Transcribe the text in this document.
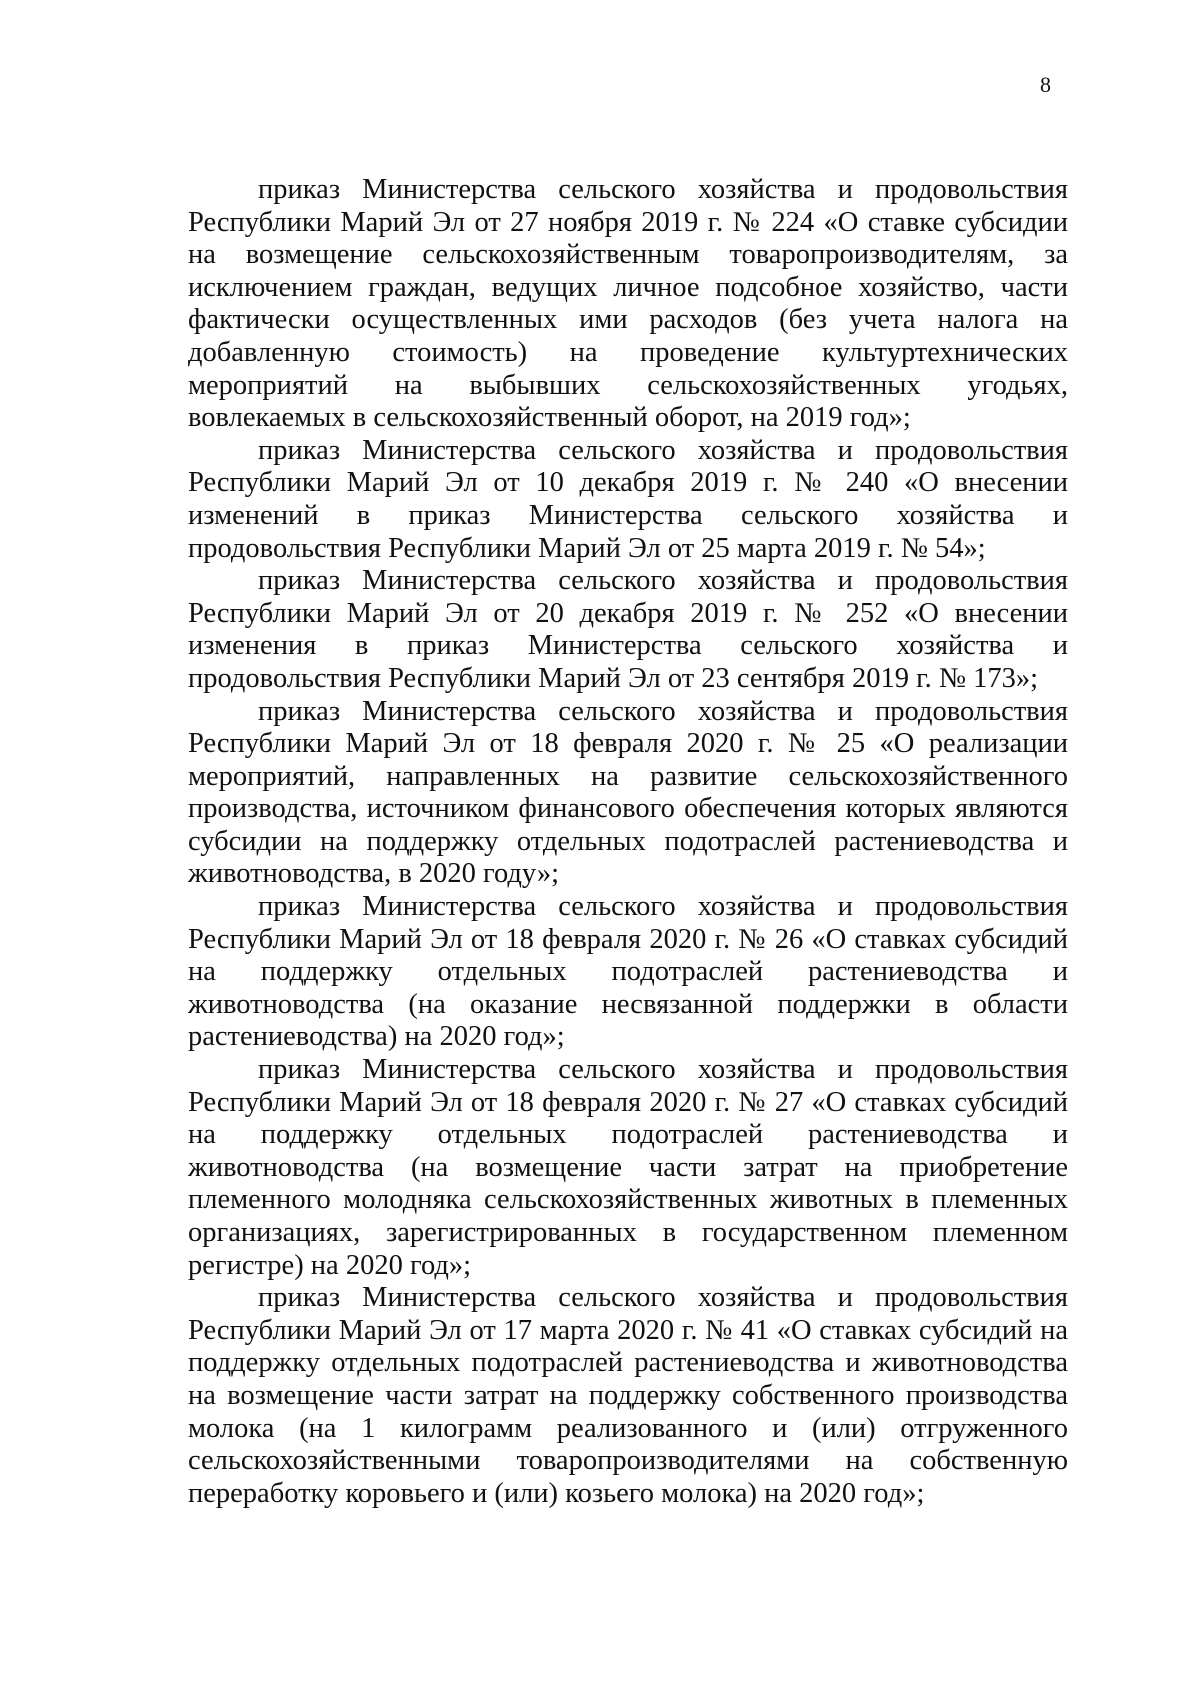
8

приказ Министерства сельского хозяйства и продовольствия Республики Марий Эл от 27 ноября 2019 г. № 224 «О ставке субсидии на возмещение сельскохозяйственным товаропроизводителям, за исключением граждан, ведущих личное подсобное хозяйство, части фактически осуществленных ими расходов (без учета налога на добавленную стоимость) на проведение культуртехнических мероприятий на выбывших сельскохозяйственных угодьях, вовлекаемых в сельскохозяйственный оборот, на 2019 год»;

приказ Министерства сельского хозяйства и продовольствия Республики Марий Эл от 10 декабря 2019 г. № 240 «О внесении изменений в приказ Министерства сельского хозяйства и продовольствия Республики Марий Эл от 25 марта 2019 г. № 54»;

приказ Министерства сельского хозяйства и продовольствия Республики Марий Эл от 20 декабря 2019 г. № 252 «О внесении изменения в приказ Министерства сельского хозяйства и продовольствия Республики Марий Эл от 23 сентября 2019 г. № 173»;

приказ Министерства сельского хозяйства и продовольствия Республики Марий Эл от 18 февраля 2020 г. № 25 «О реализации мероприятий, направленных на развитие сельскохозяйственного производства, источником финансового обеспечения которых являются субсидии на поддержку отдельных подотраслей растениеводства и животноводства, в 2020 году»;

приказ Министерства сельского хозяйства и продовольствия Республики Марий Эл от 18 февраля 2020 г. № 26 «О ставках субсидий на поддержку отдельных подотраслей растениеводства и животноводства (на оказание несвязанной поддержки в области растениеводства) на 2020 год»;

приказ Министерства сельского хозяйства и продовольствия Республики Марий Эл от 18 февраля 2020 г. № 27 «О ставках субсидий на поддержку отдельных подотраслей растениеводства и животноводства (на возмещение части затрат на приобретение племенного молодняка сельскохозяйственных животных в племенных организациях, зарегистрированных в государственном племенном регистре) на 2020 год»;

приказ Министерства сельского хозяйства и продовольствия Республики Марий Эл от 17 марта 2020 г. № 41 «О ставках субсидий на поддержку отдельных подотраслей растениеводства и животноводства на возмещение части затрат на поддержку собственного производства молока (на 1 килограмм реализованного и (или) отгруженного сельскохозяйственными товаропроизводителями на собственную переработку коровьего и (или) козьего молока) на 2020 год»;
